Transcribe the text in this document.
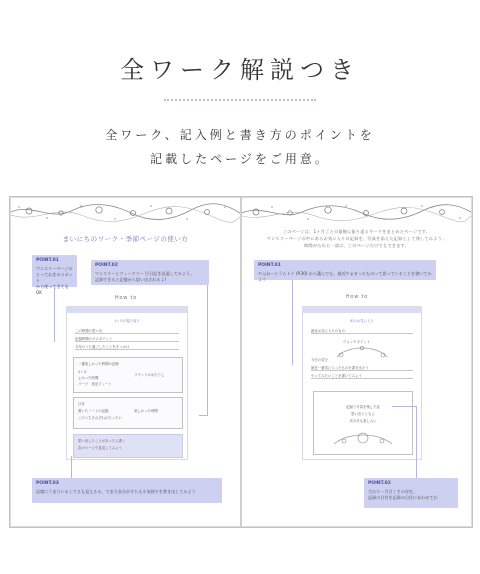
全ワーク解説つき
全ワーク、記入例と書き方のポイントを
記載したページをご用意。
まいにちのワーク・季節ページの使い方
POINT.01
マンスリーページの
とっておきのスポット
から使ってきてもOK
POINT.02
マンスリーとウィークリー 行日記を見返してみよう。
記録できると記憶から思い出されるよ!
How to
1ヶ月の振り返り
この時間の思い出
記録時間のダメポイント
今年のうち過ごしたことをきっかけ
一番楽しかった時間の記憶
1ヶ月
よかった時間
パーツ　表記フィート
ラウンドのおたりし
日付
書いたノートの記録
このうちそれぞれのたったい
楽しかった時間
思い出したことがあったら書く
次のページで見返してみよう
POINT.03
記憶にうまりいるしてるも見えるる、でまた気分がそちもる気持ちを書き出してみよう
このページは、1ヶ月ごとの最後に振り返るワークをまとめたページです。
マンスリーページの中にあるお気に入りの記録を、写真を添えた記録として残してみよう。
時間がたわら一部は、このページだけでもできます。
POINT.01
やんね～とうらトイ (P.30) から選んでも、最近やぁせったものって思っていることを書いてみよう
How to
私のお気に入り
最近お気に入りのもの
ウォッチポイント
今日の気分
最近一番気に入ったものを書き出そう
やってみたいことを書いてみよう
記録と写真を残した証
思い出とともに
次の月も楽しみに
POINT.02
当たり一月日こその存在。
記録の日付を記録の日付にあわせてわ
